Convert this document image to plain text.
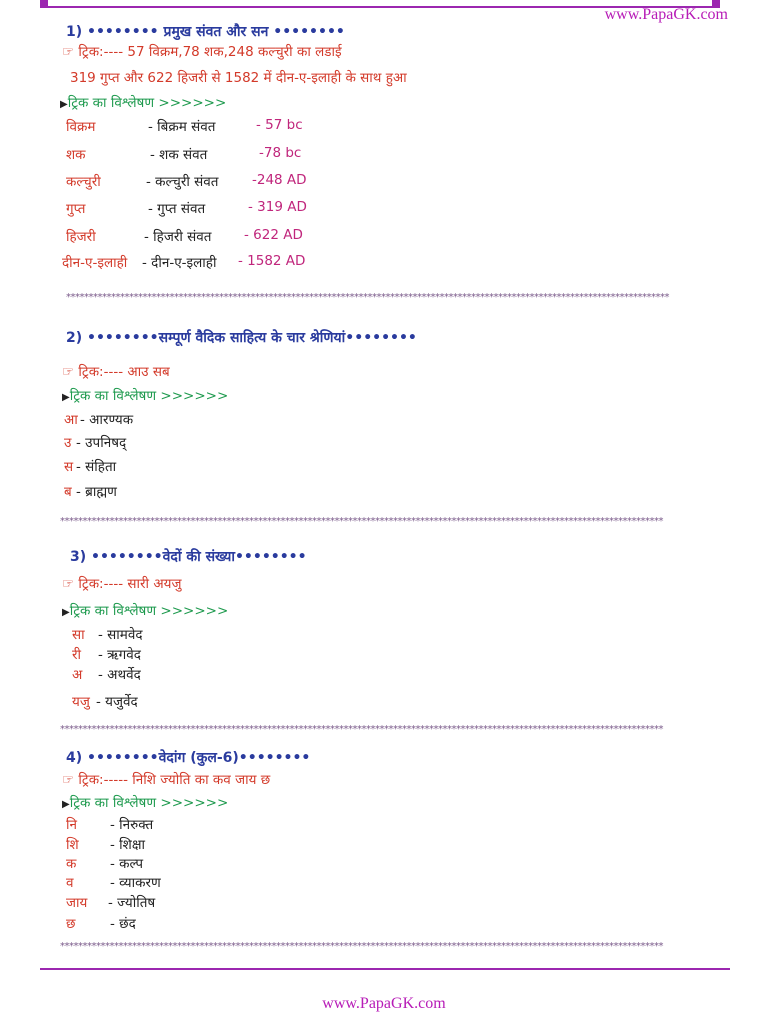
www.PapaGK.com
1) •••••••• प्रमुख संवत और सन ••••••••
☞ ट्रिक:---- 57 विक्रम,78 शक,248 कल्चुरी का लडाई
319 गुप्त और 622 हिजरी से 1582 में दीन-ए-इलाही के साथ हुआ
▶ट्रिक का विश्लेषण >>>>>>
विक्रम	- बिक्रम संवत	- 57 bc
शक	- शक संवत	-78 bc
कल्चुरी	- कल्चुरी संवत -248 AD
गुप्त	- गुप्त संवत	- 319 AD
हिजरी	- हिजरी संवत - 622 AD
दीन-ए-इलाही - दीन-ए-इलाही - 1582 AD
**************************************************************************************************************************************
2) ••••••••सम्पूर्ण वैदिक साहित्य के चार श्रेणियां••••••••
☞ ट्रिक:---- आउ सब
▶ट्रिक का विश्लेषण >>>>>>
आ - आरण्यक
उ - उपनिषद्
स - संहिता
ब - ब्राह्मण
**************************************************************************************************************************************
3) ••••••••वेदों की संख्या••••••••
☞ ट्रिक:---- सारी अयजु
▶ट्रिक का विश्लेषण >>>>>>
सा - सामवेद
री - ऋगवेद
अ - अथर्वेद
यजु - यजुर्वेद
**************************************************************************************************************************************
4) ••••••••वेदांग (कुल-6)••••••••
☞ ट्रिक:----- निशि ज्योति का कव जाय छ
▶ट्रिक का विश्लेषण >>>>>>
नि - निरुक्त
शि - शिक्षा
क - कल्प
व	- व्याकरण
जाय - ज्योतिष
छ	- छंद
**************************************************************************************************************************************
www.PapaGK.com
